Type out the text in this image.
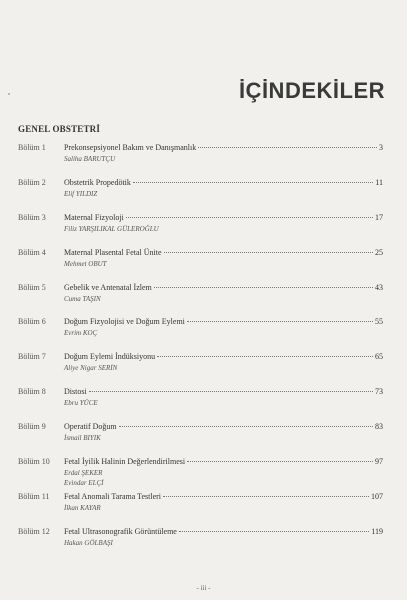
İÇİNDEKİLER
GENEL OBSTETRİ
Bölüm 1 Prekonsepsiyonel Bakım ve Danışmanlık	3
Saliha BARUTÇU
Bölüm 2 Obstetrik Propedötik	11
Elif YILDIZ
Bölüm 3 Maternal Fizyoloji	17
Filiz YARŞILIKAL GÜLEROĞLU
Bölüm 4 Maternal Plasental Fetal Ünite	25
Mehmet OBUT
Bölüm 5 Gebelik ve Antenatal İzlem	43
Cuma TAŞIN
Bölüm 6 Doğum Fizyolojisi ve Doğum Eylemi	55
Evrim KOÇ
Bölüm 7 Doğum Eylemi İndüksiyonu	65
Aliye Nigar SERİN
Bölüm 8 Distosi	73
Ebru YÜCE
Bölüm 9 Operatif Doğum	83
İsmail BIYIK
Bölüm 10 Fetal İyilik Halinin Değerlendirilmesi	97
Erdal ŞEKER
Evindar ELÇİ
Bölüm 11 Fetal Anomali Tarama Testleri	107
İlkan KAYAR
Bölüm 12 Fetal Ultrasonografik Görüntüleme	119
Hakan GÖLBAŞI
- iii -
